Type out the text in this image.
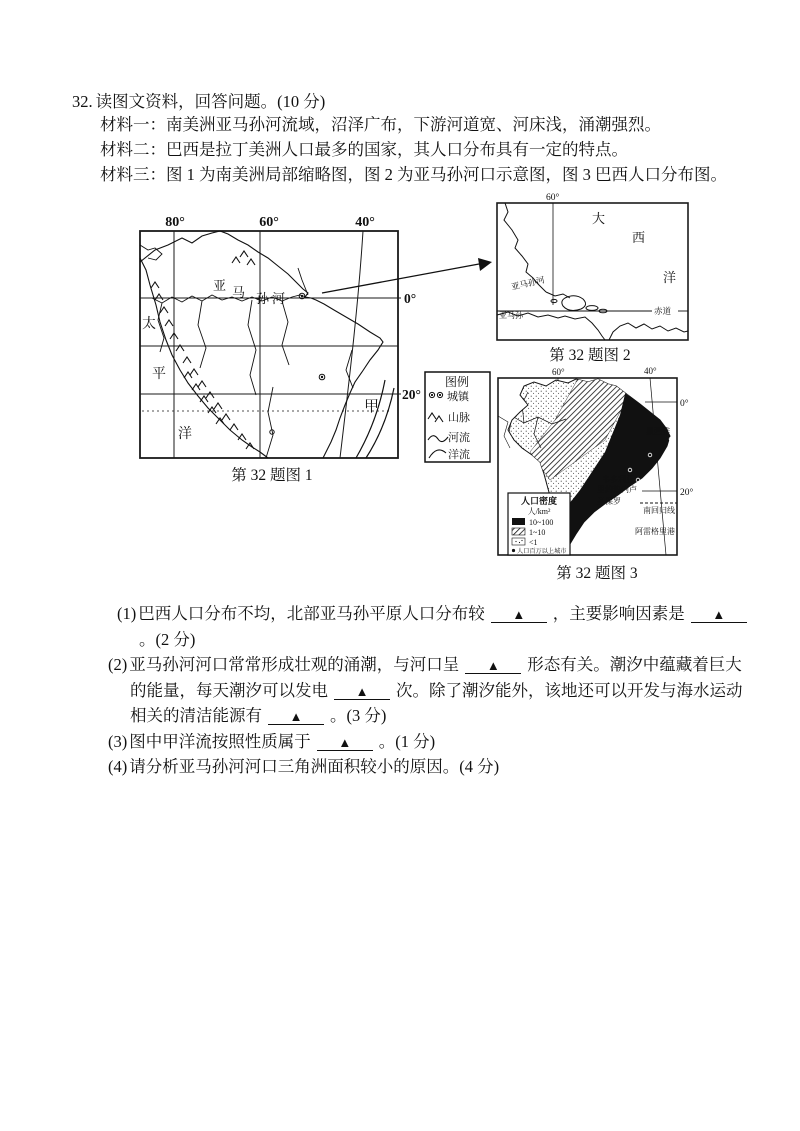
32. 读图文资料，回答问题。(10 分)
材料一：南美洲亚马孙河流域，沼泽广布，下游河道宽、河床浅，涌潮强烈。
材料二：巴西是拉丁美洲人口最多的国家，其人口分布具有一定的特点。
材料三：图 1 为南美洲局部缩略图，图 2 为亚马孙河口示意图，图 3 巴西人口分布图。
80°	60°	40°
0°
20°
甲
太
平
洋
亚 马 孙 河
第 32 题图 1
图例
城镇
山脉
河流
洋流
60°
赤道
亚马孙河
亚马孙
大
西
洋
第 32 题图 2
60°	40°
0°
20°
南回归线
阿雷格里港
累西腓
韦多利亚
里约热内卢
圣保罗
人口密度
人/km²
10~100
1~10
<1
人口百万以上城市
第 32 题图 3
(1) 巴西人口分布不均，北部亚马孙平原人口分布较 ▲ ，主要影响因素是 ▲。(2 分)
(2) 亚马孙河河口常常形成壮观的涌潮，与河口呈 ▲ 形态有关。潮汐中蕴藏着巨大的能量，每天潮汐可以发电 ▲ 次。除了潮汐能外，该地还可以开发与海水运动相关的清洁能源有 ▲ 。(3 分)
(3) 图中甲洋流按照性质属于 ▲ 。(1 分)
(4) 请分析亚马孙河河口三角洲面积较小的原因。(4 分)
